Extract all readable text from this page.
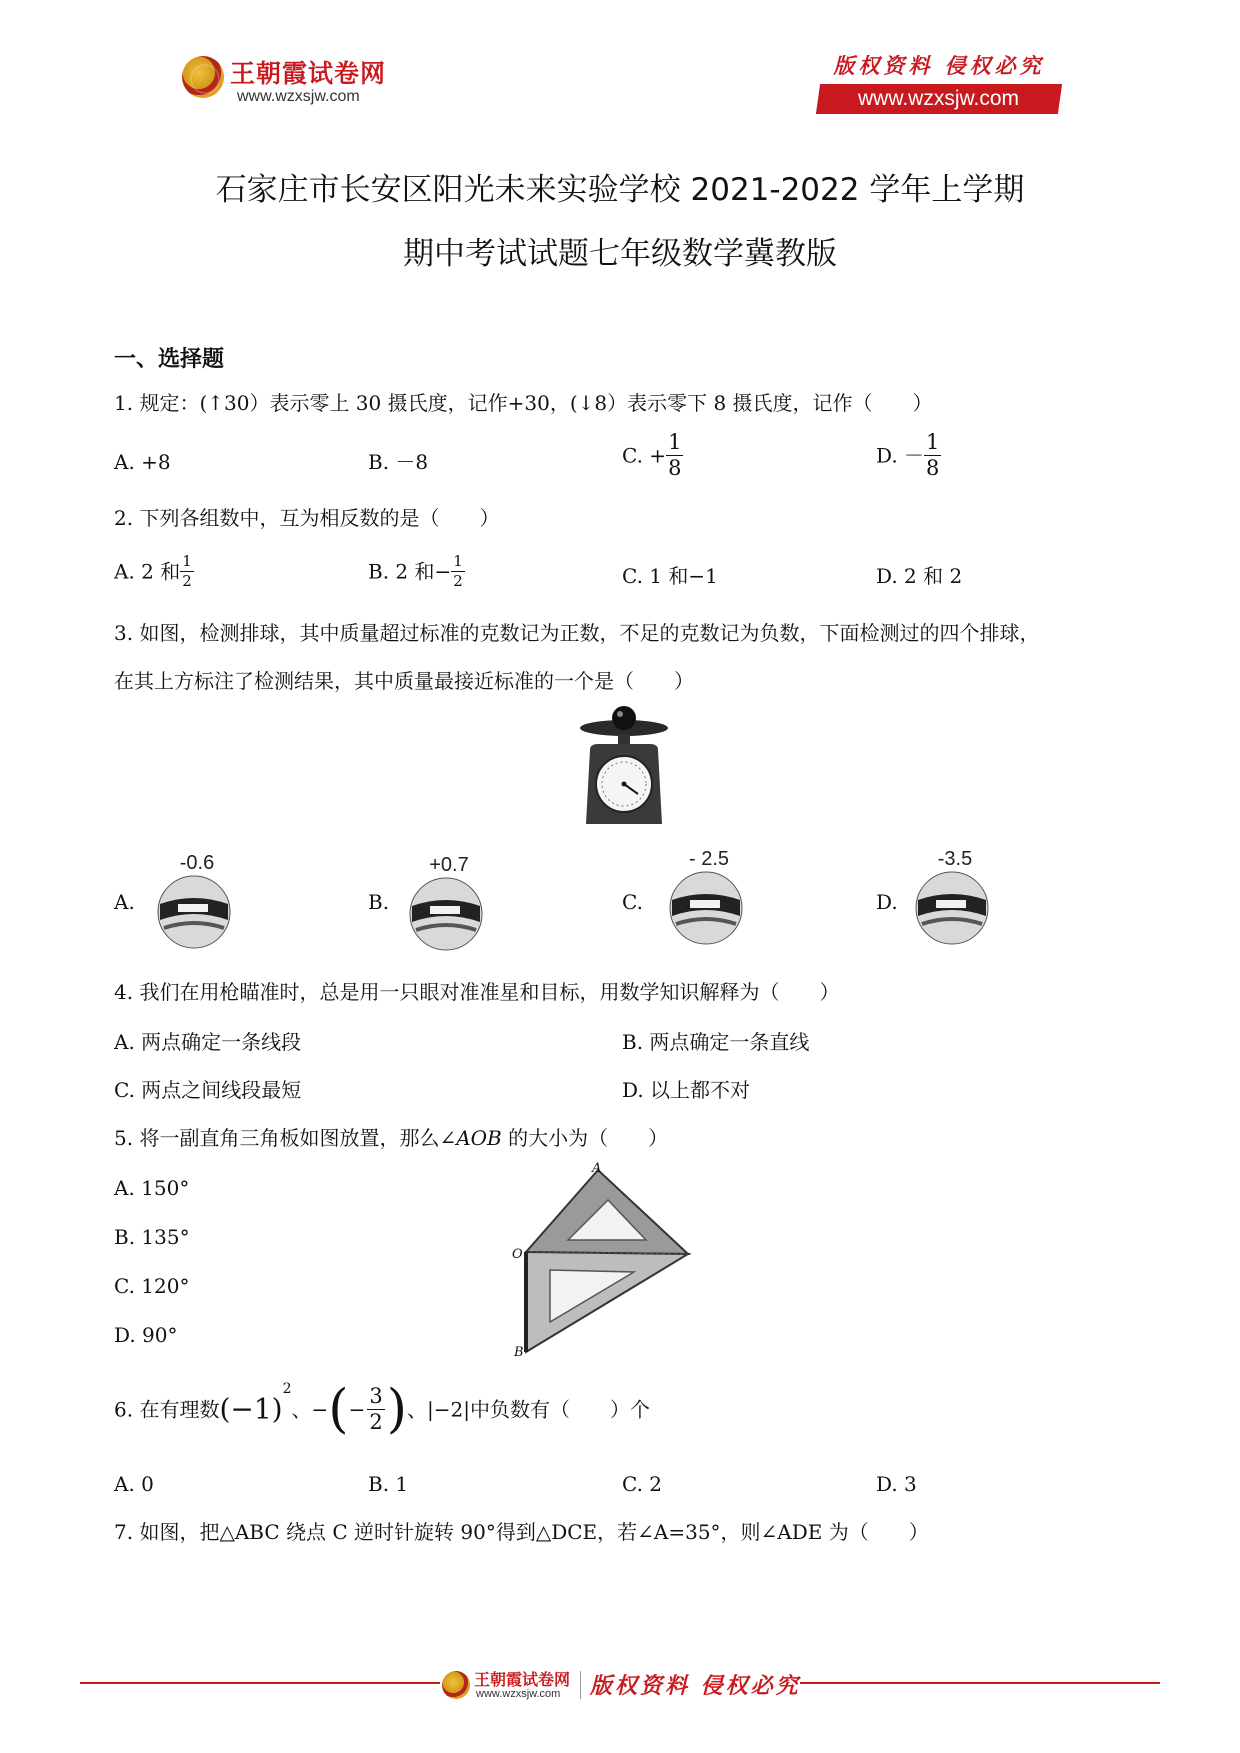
王朝霞试卷网
www.wzxsjw.com
版权资料 侵权必究
www.wzxsjw.com
石家庄市长安区阳光未来实验学校 2021-2022 学年上学期
期中考试试题七年级数学冀教版
一、选择题
1. 规定：(↑30）表示零上 30 摄氏度，记作+30，(↓8）表示零下 8 摄氏度，记作（　　）
A. +8	B. －8	C. + $\frac{1}{8}$	D. － $\frac{1}{8}$
2. 下列各组数中，互为相反数的是（　　）
A. 2 和 $\frac{1}{2}$	B. 2 和− $\frac{1}{2}$	C. 1 和−1	D. 2 和 2
3. 如图，检测排球，其中质量超过标准的克数记为正数，不足的克数记为负数，下面检测过的四个排球，
在其上方标注了检测结果，其中质量最接近标准的一个是（　　）
A.
-0.6
B.
+0.7
C.
- 2.5
D.
-3.5
4. 我们在用枪瞄准时，总是用一只眼对准准星和目标，用数学知识解释为（　　）
A. 两点确定一条线段	B. 两点确定一条直线
C. 两点之间线段最短	D. 以上都不对
5. 将一副直角三角板如图放置，那么∠AOB 的大小为（　　）
A. 150°
B. 135°
C. 120°
D. 90°
A
O
B
6. 在有理数$(-1)^2$、−(− $\frac{3}{2}$ )、|−2|中负数有（　　）个
A. 0	B. 1	C. 2	D. 3
7. 如图，把△ABC 绕点 C 逆时针旋转 90°得到△DCE，若∠A=35°，则∠ADE 为（　　）
王朝霞试卷网
www.wzxsjw.com 版权资料 侵权必究
